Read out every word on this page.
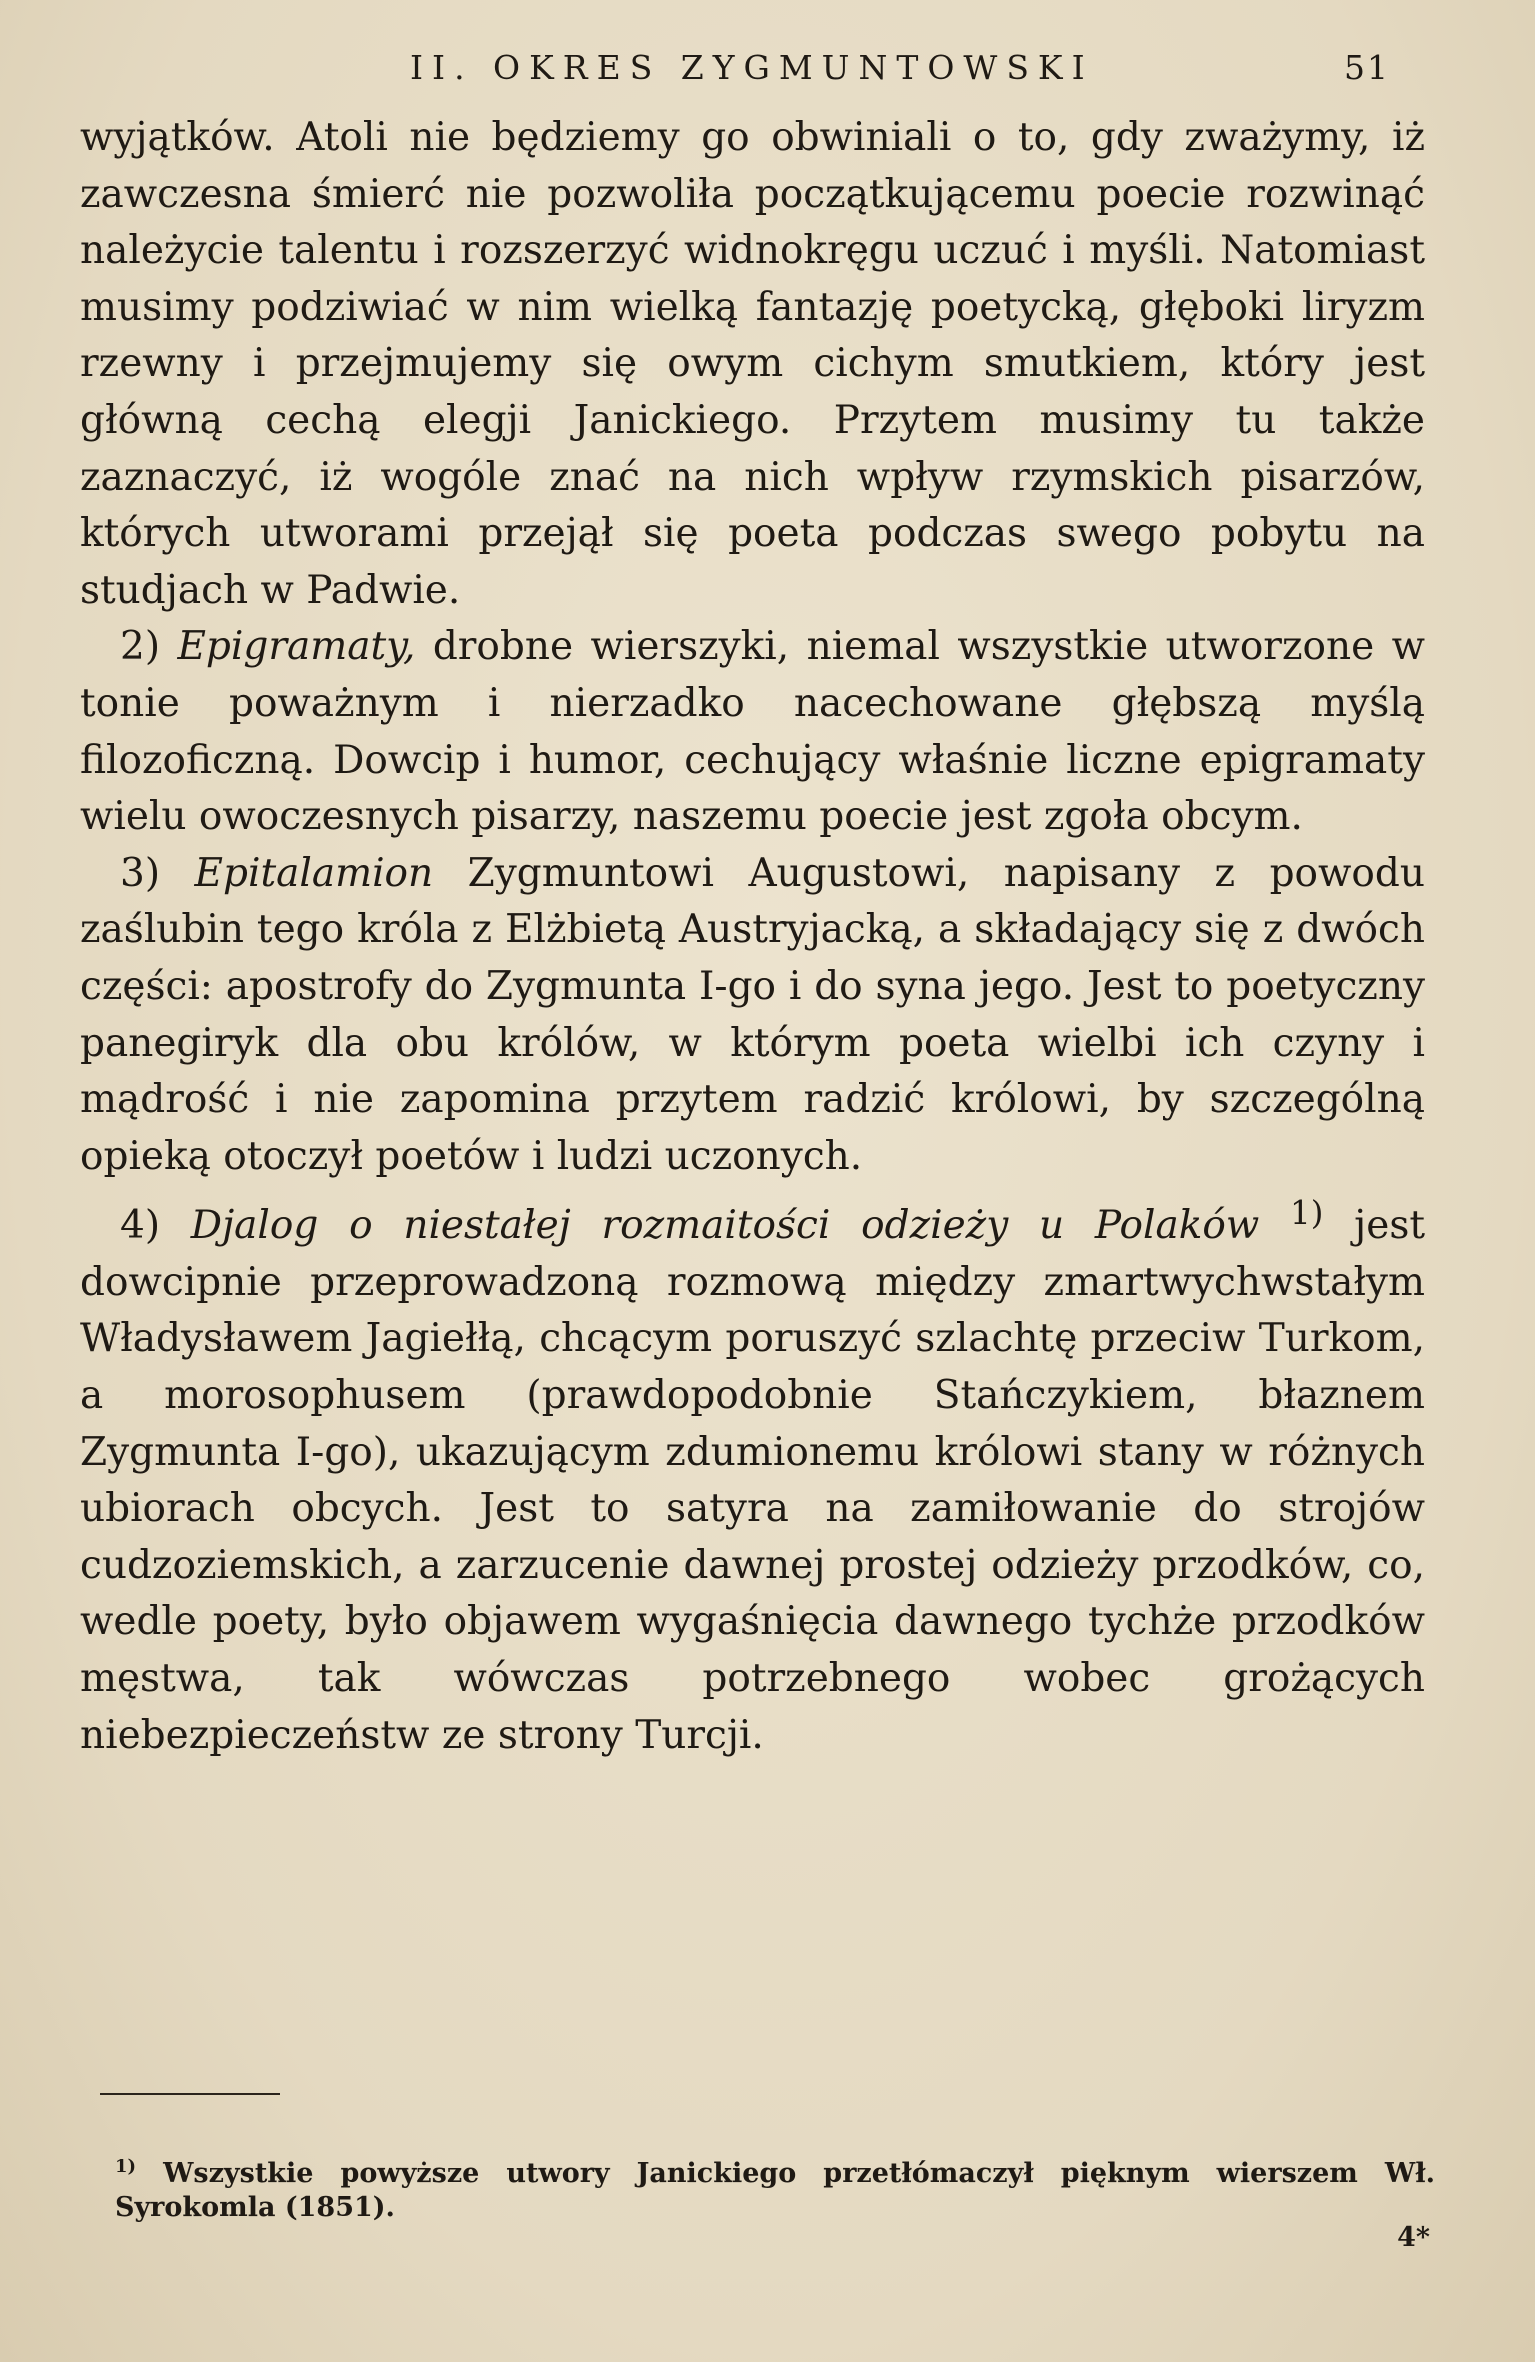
II. OKRES ZYGMUNTOWSKI	51

wyjątków. Atoli nie będziemy go obwiniali o to, gdy zważymy, iż zawczesna śmierć nie pozwoliła początkującemu poecie rozwinąć należycie talentu i rozszerzyć widnokręgu uczuć i myśli. Natomiast musimy podziwiać w nim wielką fantazję poetycką, głęboki liryzm rzewny i przejmujemy się owym cichym smutkiem, który jest główną cechą elegji Janickiego. Przytem musimy tu także zaznaczyć, iż wogóle znać na nich wpływ rzymskich pisarzów, których utworami przejął się poeta podczas swego pobytu na studjach w Padwie.

2) Epigramaty, drobne wierszyki, niemal wszystkie utworzone w tonie poważnym i nierzadko nacechowane głębszą myślą filozoficzną. Dowcip i humor, cechujący właśnie liczne epigramaty wielu owoczesnych pisarzy, naszemu poecie jest zgoła obcym.

3) Epitalamion Zygmuntowi Augustowi, napisany z powodu zaślubin tego króla z Elżbietą Austryjacką, a składający się z dwóch części: apostrofy do Zygmunta I-go i do syna jego. Jest to poetyczny panegiryk dla obu królów, w którym poeta wielbi ich czyny i mądrość i nie zapomina przytem radzić królowi, by szczególną opieką otoczył poetów i ludzi uczonych.

4) Djalog o niestałej rozmaitości odzieży u Polaków $^{1)}$ jest dowcipnie przeprowadzoną rozmową między zmartwychwstałym Władysławem Jagiełłą, chcącym poruszyć szlachtę przeciw Turkom, a morosophusem (prawdopodobnie Stańczykiem, błaznem Zygmunta I-go), ukazującym zdumionemu królowi stany w różnych ubiorach obcych. Jest to satyra na zamiłowanie do strojów cudzoziemskich, a zarzucenie dawnej prostej odzieży przodków, co, wedle poety, było objawem wygaśnięcia dawnego tychże przodków męstwa, tak wówczas potrzebnego wobec grożących niebezpieczeństw ze strony Turcji.

$^{1)}$ Wszystkie powyższe utwory Janickiego przetłómaczył pięknym wierszem Wł. Syrokomla (1851).
4*
